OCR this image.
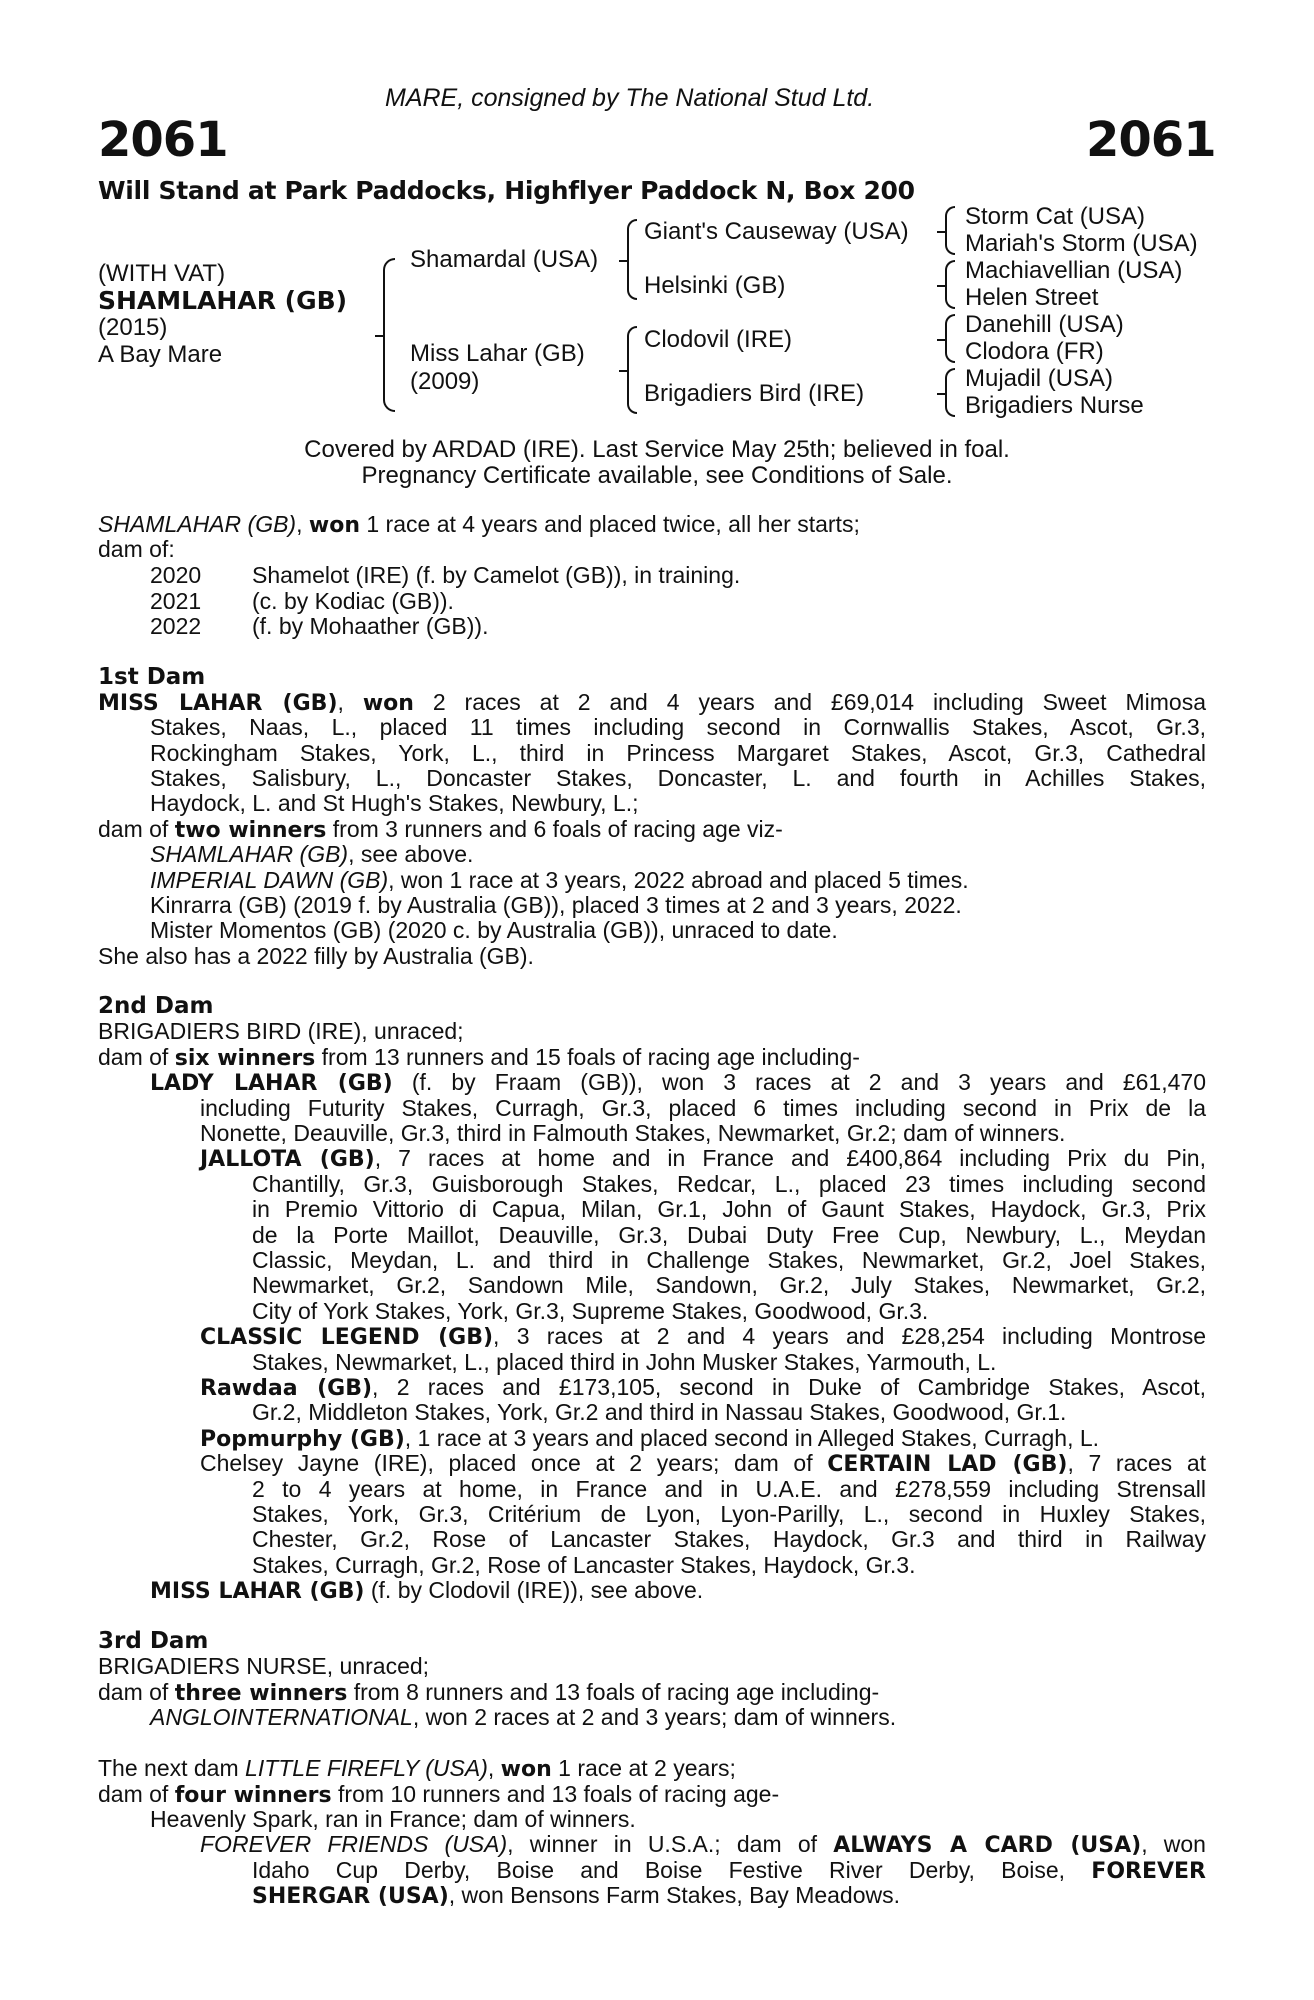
MARE, consigned by The National Stud Ltd.
2061	2061
Will Stand at Park Paddocks, Highflyer Paddock N, Box 200
(WITH VAT)
SHAMLAHAR (GB)
(2015)
A Bay Mare
Shamardal (USA)
Miss Lahar (GB)
(2009)
Giant's Causeway (USA)
Helsinki (GB)
Clodovil (IRE)
Brigadiers Bird (IRE)
Storm Cat (USA)
Mariah's Storm (USA)
Machiavellian (USA)
Helen Street
Danehill (USA)
Clodora (FR)
Mujadil (USA)
Brigadiers Nurse
Covered by ARDAD (IRE). Last Service May 25th; believed in foal.
Pregnancy Certificate available, see Conditions of Sale.
SHAMLAHAR (GB), won 1 race at 4 years and placed twice, all her starts;
dam of:
2020 Shamelot (IRE) (f. by Camelot (GB)), in training.
2021 (c. by Kodiac (GB)).
2022 (f. by Mohaather (GB)).
1st Dam
MISS LAHAR (GB), won 2 races at 2 and 4 years and £69,014 including Sweet Mimosa
Stakes, Naas, L., placed 11 times including second in Cornwallis Stakes, Ascot, Gr.3,
Rockingham Stakes, York, L., third in Princess Margaret Stakes, Ascot, Gr.3, Cathedral
Stakes, Salisbury, L., Doncaster Stakes, Doncaster, L. and fourth in Achilles Stakes,
Haydock, L. and St Hugh's Stakes, Newbury, L.;
dam of two winners from 3 runners and 6 foals of racing age viz-
SHAMLAHAR (GB), see above.
IMPERIAL DAWN (GB), won 1 race at 3 years, 2022 abroad and placed 5 times.
Kinrarra (GB) (2019 f. by Australia (GB)), placed 3 times at 2 and 3 years, 2022.
Mister Momentos (GB) (2020 c. by Australia (GB)), unraced to date.
She also has a 2022 filly by Australia (GB).
2nd Dam
BRIGADIERS BIRD (IRE), unraced;
dam of six winners from 13 runners and 15 foals of racing age including-
LADY LAHAR (GB) (f. by Fraam (GB)), won 3 races at 2 and 3 years and £61,470
including Futurity Stakes, Curragh, Gr.3, placed 6 times including second in Prix de la
Nonette, Deauville, Gr.3, third in Falmouth Stakes, Newmarket, Gr.2; dam of winners.
JALLOTA (GB), 7 races at home and in France and £400,864 including Prix du Pin,
Chantilly, Gr.3, Guisborough Stakes, Redcar, L., placed 23 times including second
in Premio Vittorio di Capua, Milan, Gr.1, John of Gaunt Stakes, Haydock, Gr.3, Prix
de la Porte Maillot, Deauville, Gr.3, Dubai Duty Free Cup, Newbury, L., Meydan
Classic, Meydan, L. and third in Challenge Stakes, Newmarket, Gr.2, Joel Stakes,
Newmarket, Gr.2, Sandown Mile, Sandown, Gr.2, July Stakes, Newmarket, Gr.2,
City of York Stakes, York, Gr.3, Supreme Stakes, Goodwood, Gr.3.
CLASSIC LEGEND (GB), 3 races at 2 and 4 years and £28,254 including Montrose
Stakes, Newmarket, L., placed third in John Musker Stakes, Yarmouth, L.
Rawdaa (GB), 2 races and £173,105, second in Duke of Cambridge Stakes, Ascot,
Gr.2, Middleton Stakes, York, Gr.2 and third in Nassau Stakes, Goodwood, Gr.1.
Popmurphy (GB), 1 race at 3 years and placed second in Alleged Stakes, Curragh, L.
Chelsey Jayne (IRE), placed once at 2 years; dam of CERTAIN LAD (GB), 7 races at
2 to 4 years at home, in France and in U.A.E. and £278,559 including Strensall
Stakes, York, Gr.3, Critérium de Lyon, Lyon-Parilly, L., second in Huxley Stakes,
Chester, Gr.2, Rose of Lancaster Stakes, Haydock, Gr.3 and third in Railway
Stakes, Curragh, Gr.2, Rose of Lancaster Stakes, Haydock, Gr.3.
MISS LAHAR (GB) (f. by Clodovil (IRE)), see above.
3rd Dam
BRIGADIERS NURSE, unraced;
dam of three winners from 8 runners and 13 foals of racing age including-
ANGLOINTERNATIONAL, won 2 races at 2 and 3 years; dam of winners.
The next dam LITTLE FIREFLY (USA), won 1 race at 2 years;
dam of four winners from 10 runners and 13 foals of racing age-
Heavenly Spark, ran in France; dam of winners.
FOREVER FRIENDS (USA), winner in U.S.A.; dam of ALWAYS A CARD (USA), won
Idaho Cup Derby, Boise and Boise Festive River Derby, Boise, FOREVER
SHERGAR (USA), won Bensons Farm Stakes, Bay Meadows.
